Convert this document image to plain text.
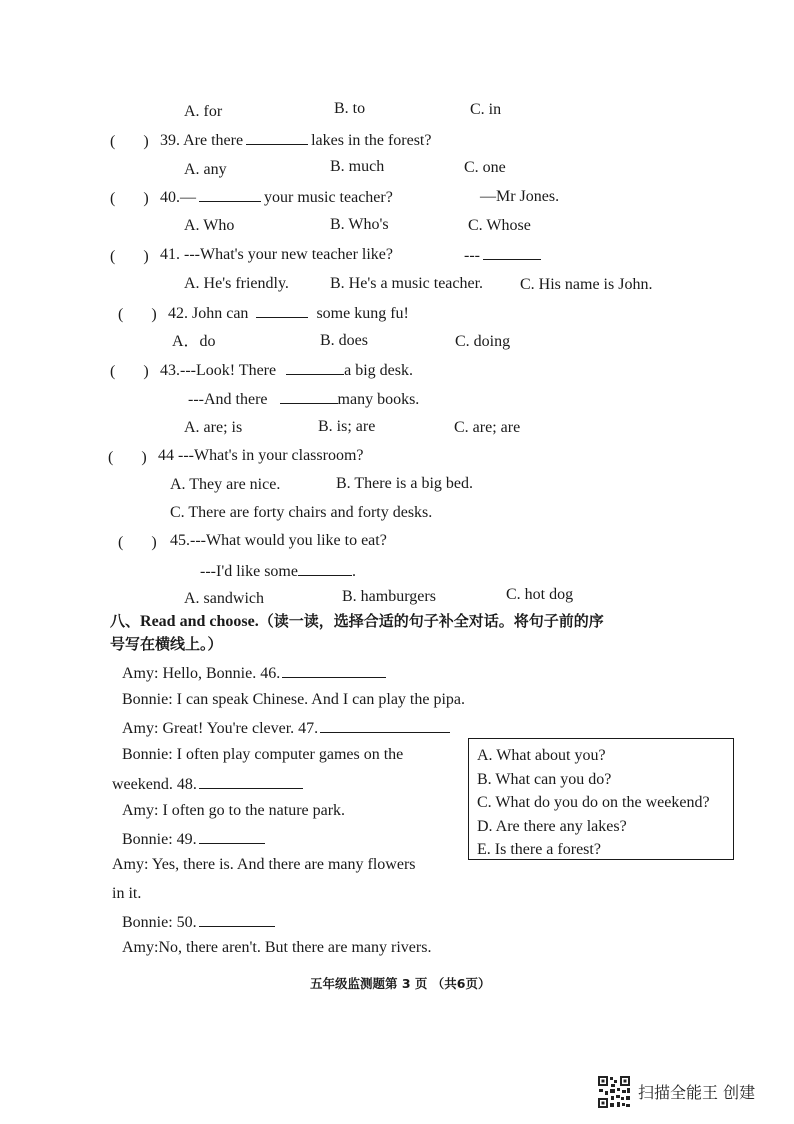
A. for	B. to	C. in
(       ) 39. Are there	lakes in the forest?
A. any	B. much	C. one
(       ) 40.—	your music teacher?	—Mr Jones.
A. Who	B. Who's	C. Whose
(       ) 41. ---What's your new teacher like?	---
A. He's friendly.	B. He's a music teacher. C. His name is John.
(       ) 42. John can	some kung fu!
A．do	B. does	C. doing
(       ) 43.---Look! There	a big desk.
---And there	many books.
A. are; is	B. is; are	C. are; are
(       ) 44 ---What's in your classroom?
A. They are nice.	B. There is a big bed.
C. There are forty chairs and forty desks.
(       ) 45.---What would you like to eat?
---I'd like some	.
A. sandwich	B. hamburgers	C. hot dog
八、Read and choose.（读一读，选择合适的句子补全对话。将句子前的序
号写在横线上。）
Amy: Hello, Bonnie. 46.
Bonnie: I can speak Chinese. And I can play the pipa.
Amy: Great! You're clever. 47.
Bonnie: I often play computer games on the
weekend. 48.
Amy: I often go to the nature park.
Bonnie: 49.
Amy: Yes, there is. And there are many flowers
in it.
Bonnie: 50.
Amy:No, there aren't. But there are many rivers.
A. What about you?
B. What can you do?
C. What do you do on the weekend?
D. Are there any lakes?
E. Is there a forest?
五年级监测题第 3 页 （共6页）
扫描全能王 创建
